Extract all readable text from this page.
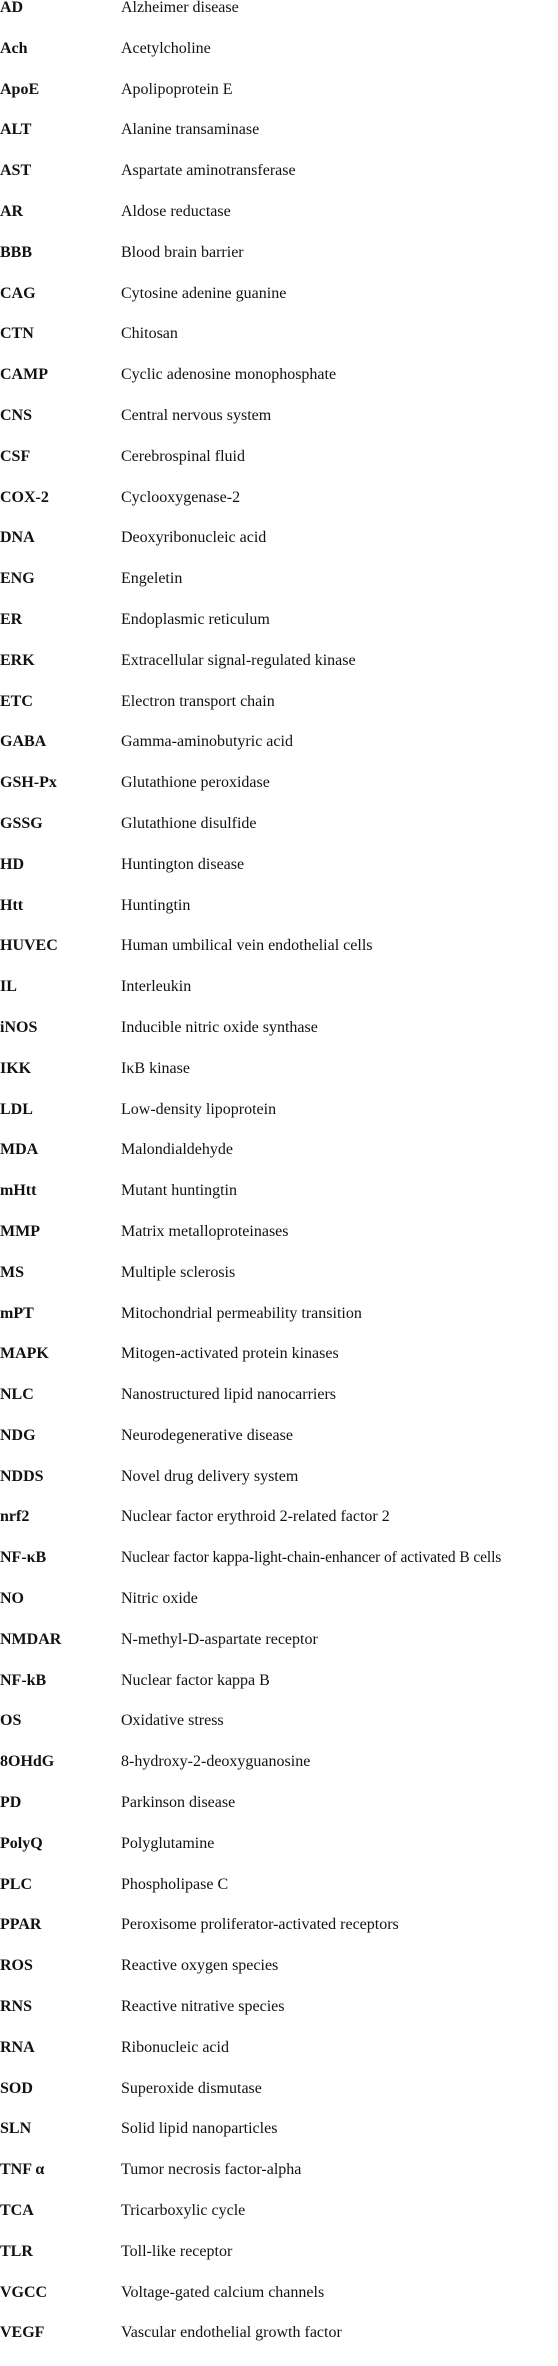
AD	Alzheimer disease
Ach	Acetylcholine
ApoE	Apolipoprotein E
ALT	Alanine transaminase
AST	Aspartate aminotransferase
AR	Aldose reductase
BBB	Blood brain barrier
CAG	Cytosine adenine guanine
CTN	Chitosan
CAMP	Cyclic adenosine monophosphate
CNS	Central nervous system
CSF	Cerebrospinal fluid
COX-2	Cyclooxygenase-2
DNA	Deoxyribonucleic acid
ENG	Engeletin
ER	Endoplasmic reticulum
ERK	Extracellular signal-regulated kinase
ETC	Electron transport chain
GABA	Gamma-aminobutyric acid
GSH-Px	Glutathione peroxidase
GSSG	Glutathione disulfide
HD	Huntington disease
Htt	Huntingtin
HUVEC	Human umbilical vein endothelial cells
IL	Interleukin
iNOS	Inducible nitric oxide synthase
IKK	IκB kinase
LDL	Low-density lipoprotein
MDA	Malondialdehyde
mHtt	Mutant huntingtin
MMP	Matrix metalloproteinases
MS	Multiple sclerosis
mPT	Mitochondrial permeability transition
MAPK	Mitogen-activated protein kinases
NLC	Nanostructured lipid nanocarriers
NDG	Neurodegenerative disease
NDDS	Novel drug delivery system
nrf2	Nuclear factor erythroid 2-related factor 2
NF-κB	Nuclear factor kappa-light-chain-enhancer of activated B cells
NO	Nitric oxide
NMDAR	N-methyl-D-aspartate receptor
NF-kB	Nuclear factor kappa B
OS	Oxidative stress
8OHdG	8-hydroxy-2-deoxyguanosine
PD	Parkinson disease
PolyQ	Polyglutamine
PLC	Phospholipase C
PPAR	Peroxisome proliferator-activated receptors
ROS	Reactive oxygen species
RNS	Reactive nitrative species
RNA	Ribonucleic acid
SOD	Superoxide dismutase
SLN	Solid lipid nanoparticles
TNF α	Tumor necrosis factor-alpha
TCA	Tricarboxylic cycle
TLR	Toll-like receptor
VGCC	Voltage-gated calcium channels
VEGF	Vascular endothelial growth factor
